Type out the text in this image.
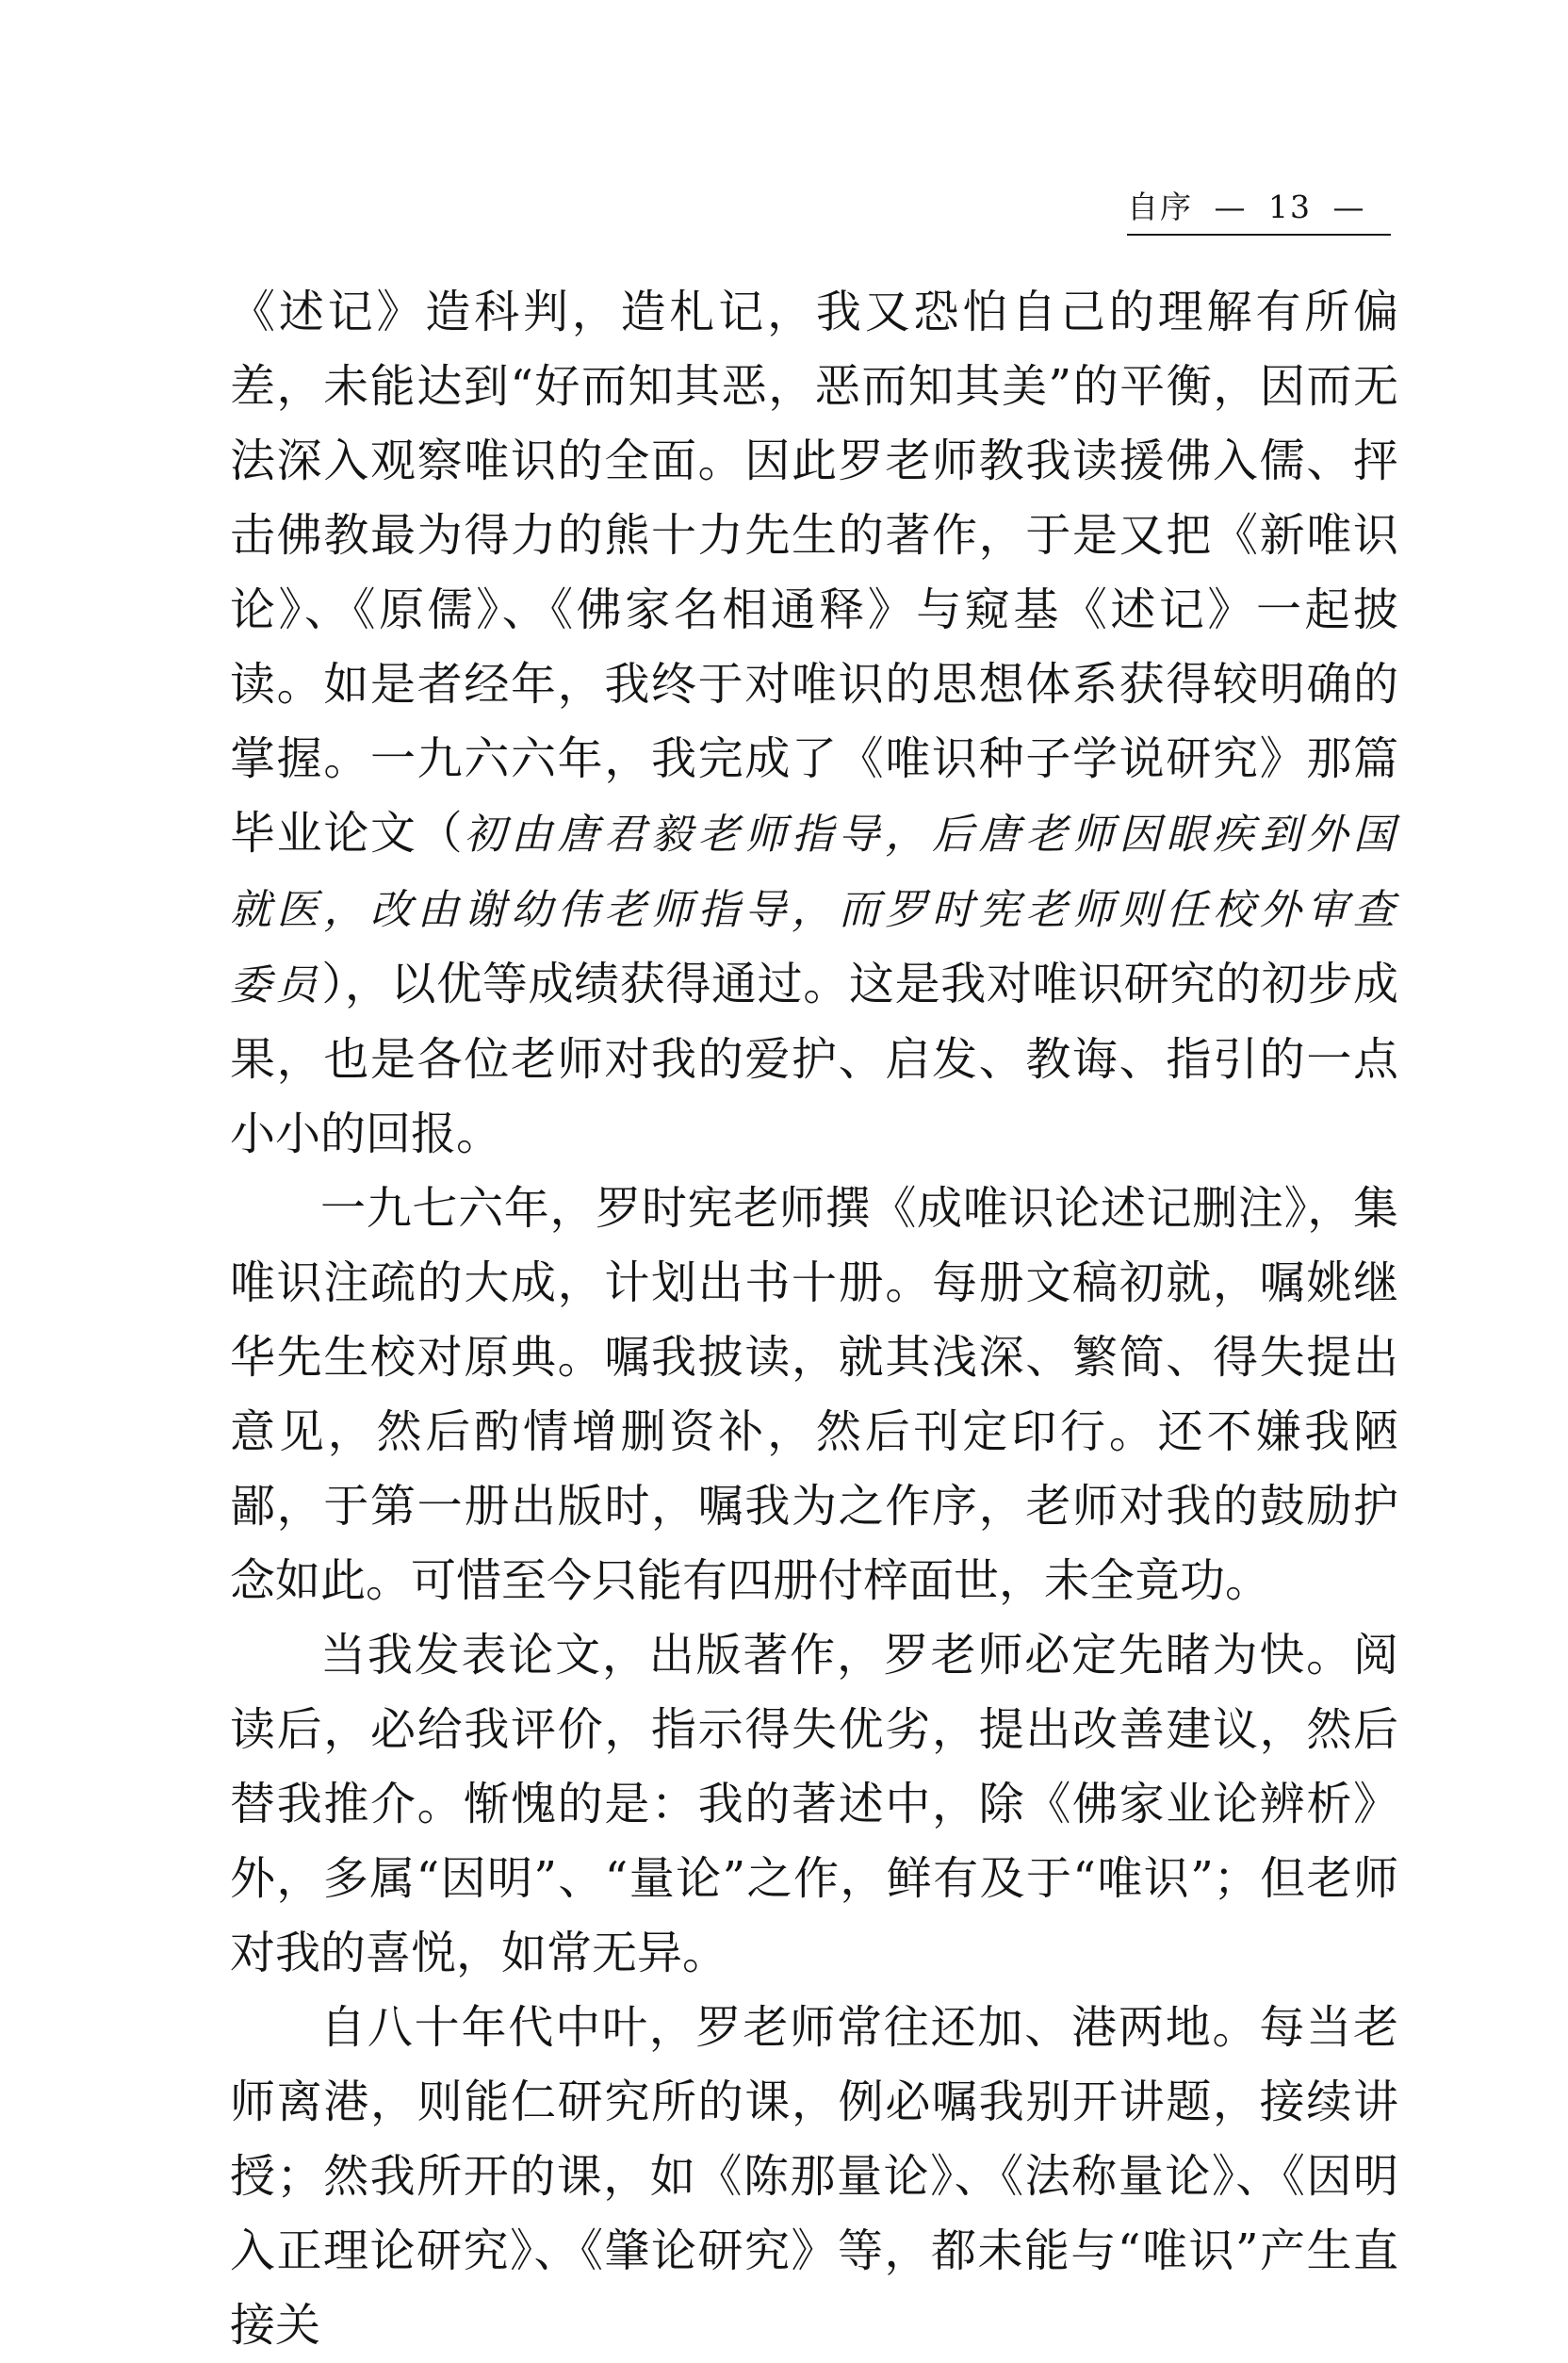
自序 — 13 —

《述记》造科判，造札记，我又恐怕自己的理解有所偏差，未能达到“好而知其恶，恶而知其美”的平衡，因而无法深入观察唯识的全面。因此罗老师教我读援佛入儒、抨击佛教最为得力的熊十力先生的著作，于是又把《新唯识论》、《原儒》、《佛家名相通释》与窥基《述记》一起披读。如是者经年，我终于对唯识的思想体系获得较明确的掌握。一九六六年，我完成了《唯识种子学说研究》那篇毕业论文（初由唐君毅老师指导，后唐老师因眼疾到外国就医，改由谢幼伟老师指导，而罗时宪老师则任校外审查委员），以优等成绩获得通过。这是我对唯识研究的初步成果，也是各位老师对我的爱护、启发、教诲、指引的一点小小的回报。

一九七六年，罗时宪老师撰《成唯识论述记删注》，集唯识注疏的大成，计划出书十册。每册文稿初就，嘱姚继华先生校对原典。嘱我披读，就其浅深、繁简、得失提出意见，然后酌情增删资补，然后刊定印行。还不嫌我陋鄙，于第一册出版时，嘱我为之作序，老师对我的鼓励护念如此。可惜至今只能有四册付梓面世，未全竟功。

当我发表论文，出版著作，罗老师必定先睹为快。阅读后，必给我评价，指示得失优劣，提出改善建议，然后替我推介。惭愧的是：我的著述中，除《佛家业论辨析》外，多属“因明”、“量论”之作，鲜有及于“唯识”；但老师对我的喜悦，如常无异。

自八十年代中叶，罗老师常往还加、港两地。每当老师离港，则能仁研究所的课，例必嘱我别开讲题，接续讲授；然我所开的课，如《陈那量论》、《法称量论》、《因明入正理论研究》、《肇论研究》等，都未能与“唯识”产生直接关
